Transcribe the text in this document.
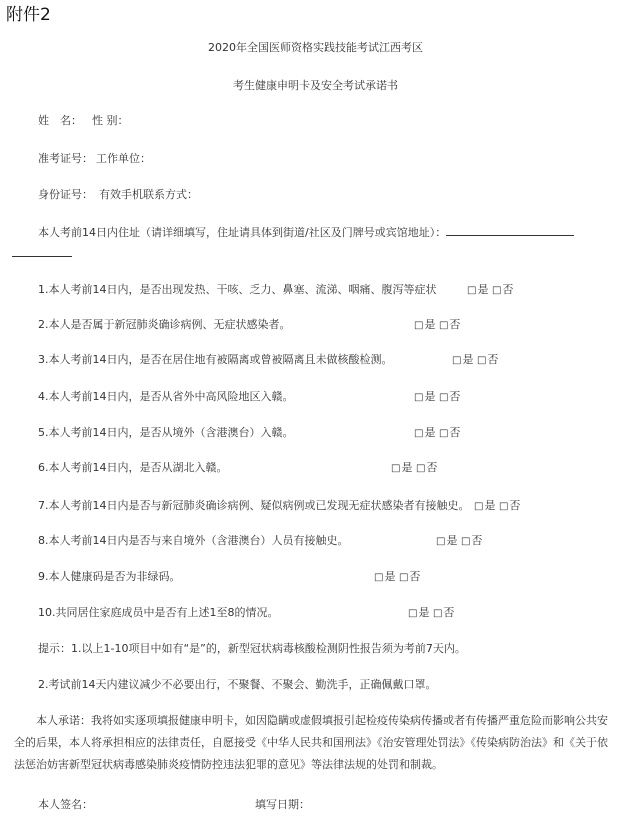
附件2
2020年全国医师资格实践技能考试江西考区
考生健康申明卡及安全考试承诺书
姓　名： 性 别：
准考证号： 工作单位：
身份证号： 有效手机联系方式：
本人考前14日内住址（请详细填写，住址请具体到街道/社区及门牌号或宾馆地址）：
1.本人考前14日内，是否出现发热、干咳、乏力、鼻塞、流涕、咽痛、腹泻等症状	□是 □否
2.本人是否属于新冠肺炎确诊病例、无症状感染者。	□是 □否
3.本人考前14日内，是否在居住地有被隔离或曾被隔离且未做核酸检测。	□是 □否
4.本人考前14日内，是否从省外中高风险地区入赣。	□是 □否
5.本人考前14日内，是否从境外（含港澳台）入赣。	□是 □否
6.本人考前14日内，是否从湖北入赣。	□是 □否
7.本人考前14日内是否与新冠肺炎确诊病例、疑似病例或已发现无症状感染者有接触史。 □是 □否
8.本人考前14日内是否与来自境外（含港澳台）人员有接触史。	□是 □否
9.本人健康码是否为非绿码。	□是 □否
10.共同居住家庭成员中是否有上述1至8的情况。	□是 □否
提示：1.以上1-10项目中如有“是”的，新型冠状病毒核酸检测阴性报告须为考前7天内。
2.考试前14天内建议减少不必要出行，不聚餐、不聚会、勤洗手，正确佩戴口罩。
本人承诺：我将如实逐项填报健康申明卡，如因隐瞒或虚假填报引起检疫传染病传播或者有传播严重危险而影响公共安全的后果，本人将承担相应的法律责任，自愿接受《中华人民共和国刑法》《治安管理处罚法》《传染病防治法》和《关于依法惩治妨害新型冠状病毒感染肺炎疫情防控违法犯罪的意见》等法律法规的处罚和制裁。
本人签名：	填写日期：
